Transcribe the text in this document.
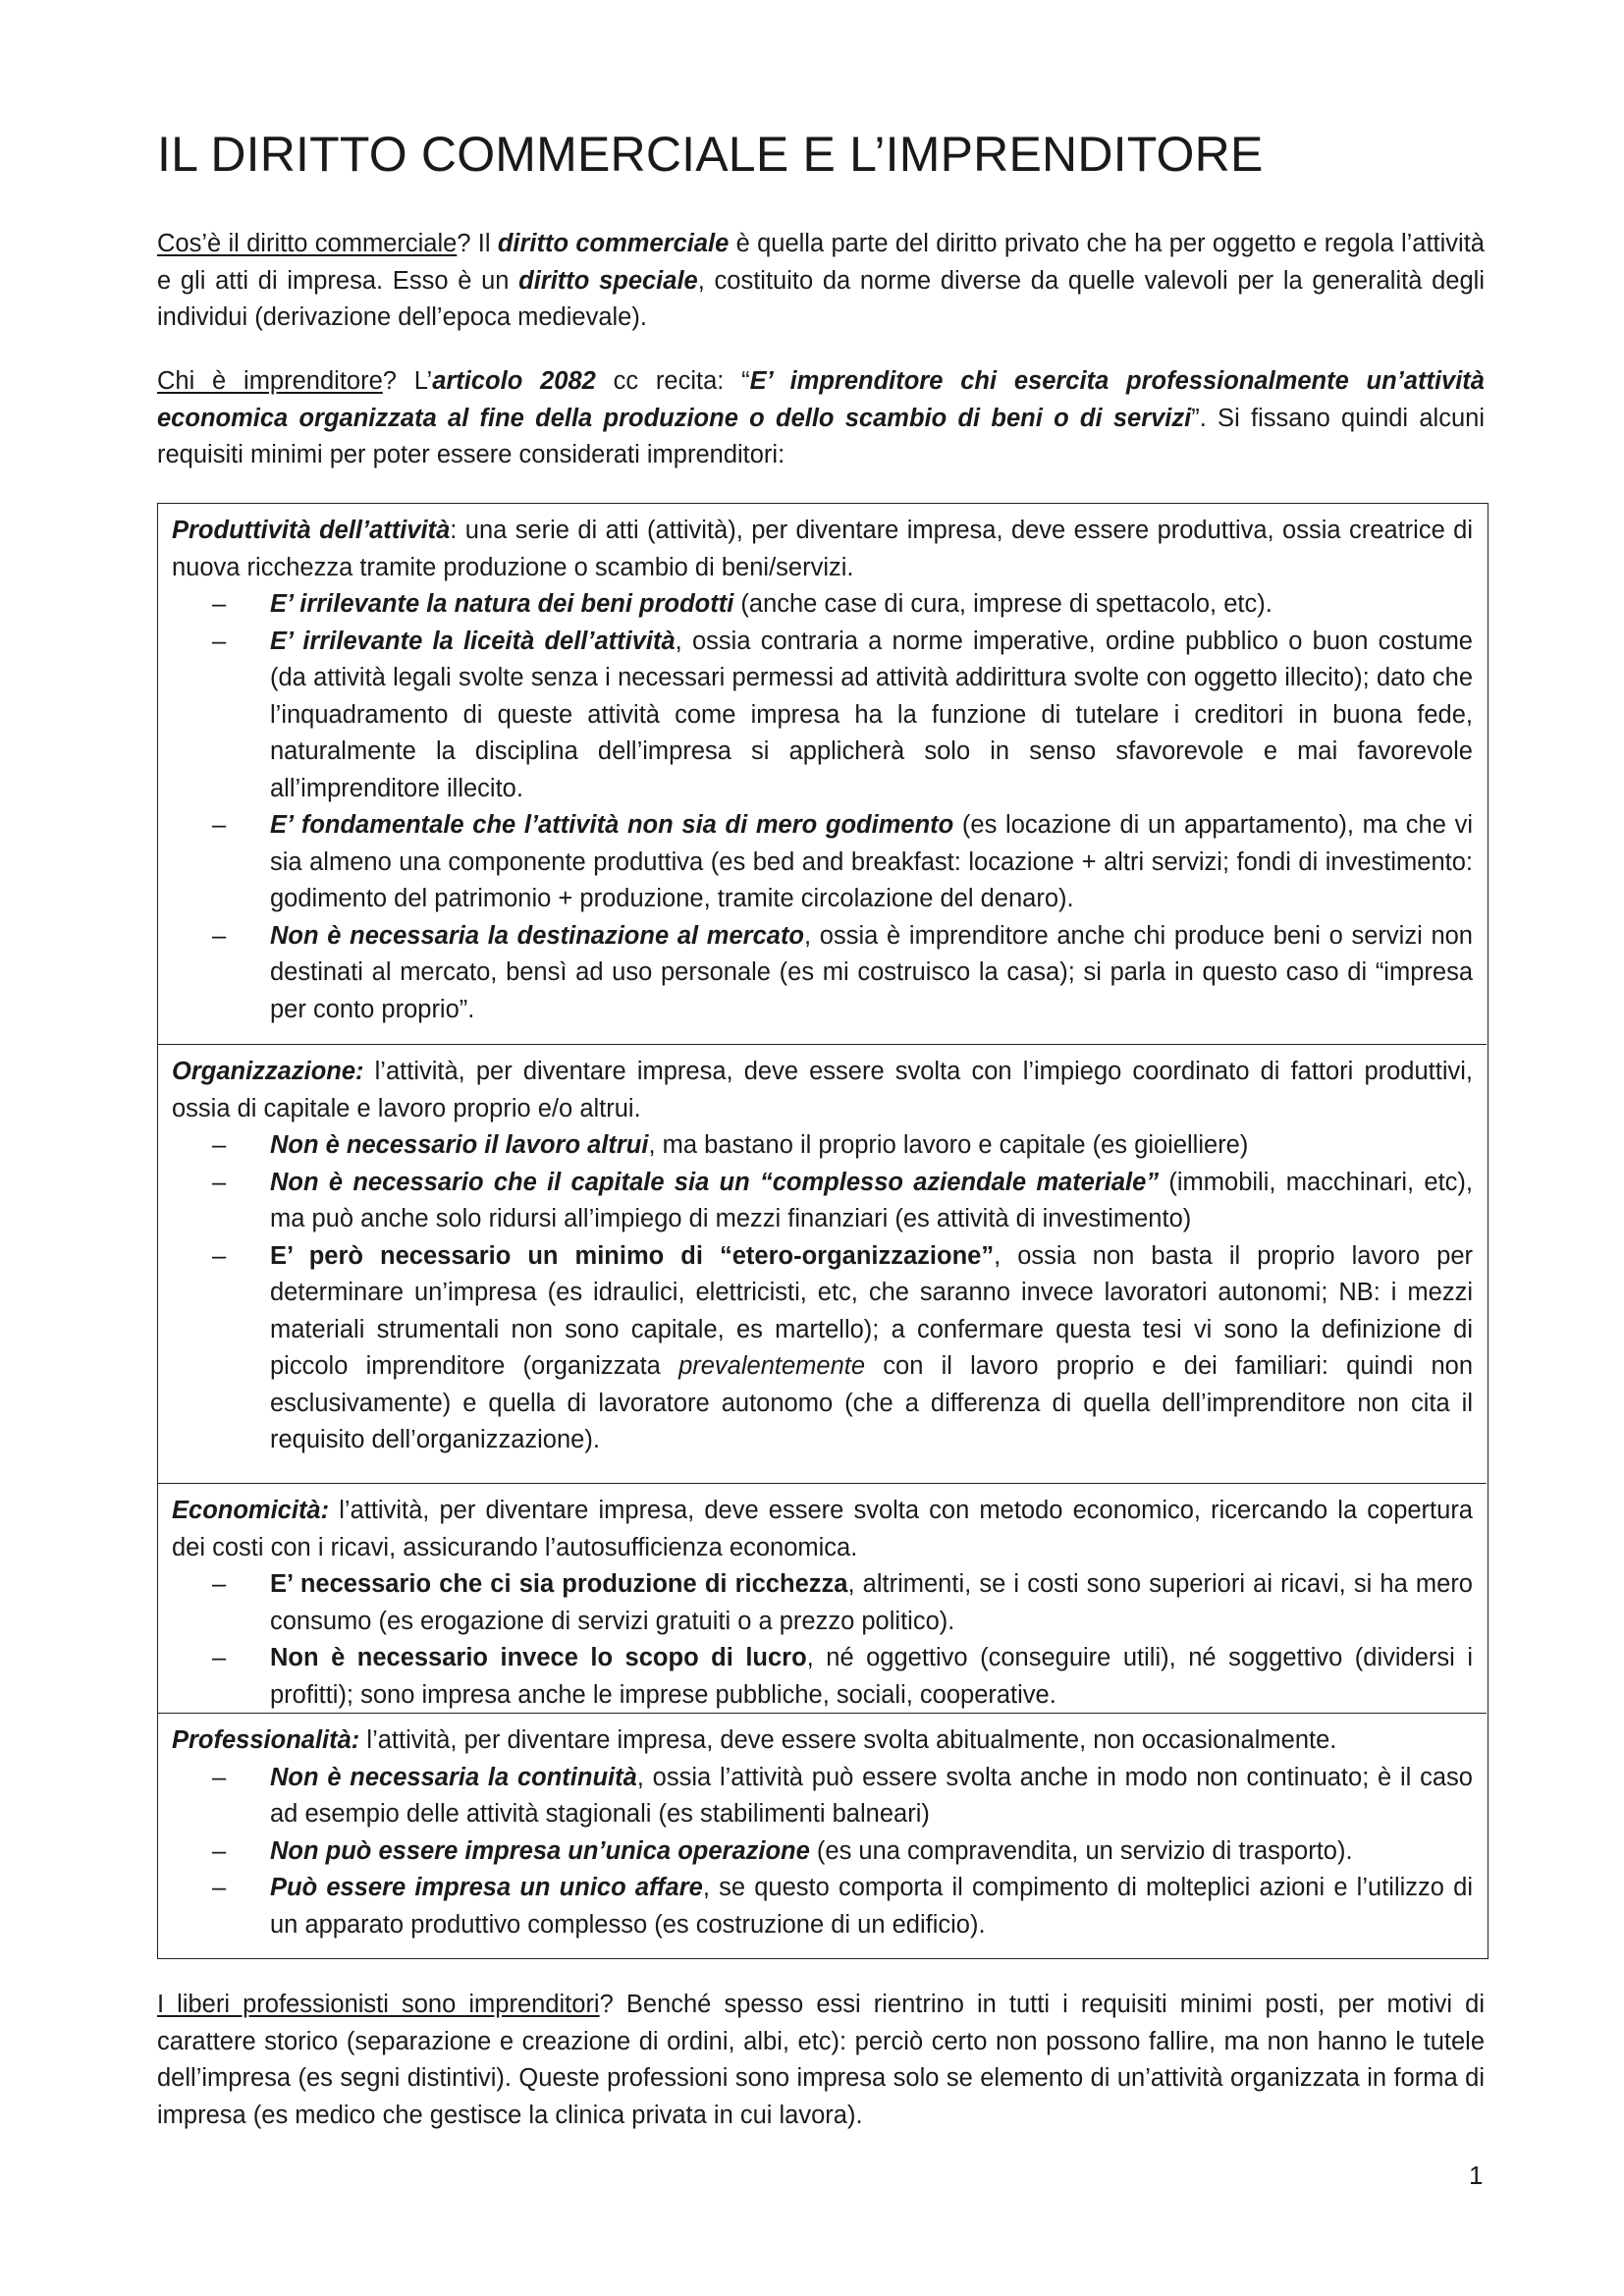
IL DIRITTO COMMERCIALE E L’IMPRENDITORE

Cos’è il diritto commerciale? Il diritto commerciale è quella parte del diritto privato che ha per oggetto e regola l’attività e gli atti di impresa. Esso è un diritto speciale, costituito da norme diverse da quelle valevoli per la generalità degli individui (derivazione dell’epoca medievale).

Chi è imprenditore? L’articolo 2082 cc recita: “E’ imprenditore chi esercita professionalmente un’attività economica organizzata al fine della produzione o dello scambio di beni o di servizi”. Si fissano quindi alcuni requisiti minimi per poter essere considerati imprenditori:

Produttività dell’attività: una serie di atti (attività), per diventare impresa, deve essere produttiva, ossia creatrice di nuova ricchezza tramite produzione o scambio di beni/servizi.

– E’ irrilevante la natura dei beni prodotti (anche case di cura, imprese di spettacolo, etc).
– E’ irrilevante la liceità dell’attività, ossia contraria a norme imperative, ordine pubblico o buon costume (da attività legali svolte senza i necessari permessi ad attività addirittura svolte con oggetto illecito); dato che l’inquadramento di queste attività come impresa ha la funzione di tutelare i creditori in buona fede, naturalmente la disciplina dell’impresa si applicherà solo in senso sfavorevole e mai favorevole all’imprenditore illecito.
– E’ fondamentale che l’attività non sia di mero godimento (es locazione di un appartamento), ma che vi sia almeno una componente produttiva (es bed and breakfast: locazione + altri servizi; fondi di investimento: godimento del patrimonio + produzione, tramite circolazione del denaro).
– Non è necessaria la destinazione al mercato, ossia è imprenditore anche chi produce beni o servizi non destinati al mercato, bensì ad uso personale (es mi costruisco la casa); si parla in questo caso di “impresa per conto proprio”.

Organizzazione: l’attività, per diventare impresa, deve essere svolta con l’impiego coordinato di fattori produttivi, ossia di capitale e lavoro proprio e/o altrui.

– Non è necessario il lavoro altrui, ma bastano il proprio lavoro e capitale (es gioielliere)
– Non è necessario che il capitale sia un “complesso aziendale materiale” (immobili, macchinari, etc), ma può anche solo ridursi all’impiego di mezzi finanziari (es attività di investimento)
– E’ però necessario un minimo di “etero-organizzazione”, ossia non basta il proprio lavoro per determinare un’impresa (es idraulici, elettricisti, etc, che saranno invece lavoratori autonomi; NB: i mezzi materiali strumentali non sono capitale, es martello); a confermare questa tesi vi sono la definizione di piccolo imprenditore (organizzata prevalentemente con il lavoro proprio e dei familiari: quindi non esclusivamente) e quella di lavoratore autonomo (che a differenza di quella dell’imprenditore non cita il requisito dell’organizzazione).

Economicità: l’attività, per diventare impresa, deve essere svolta con metodo economico, ricercando la copertura dei costi con i ricavi, assicurando l’autosufficienza economica.

– E’ necessario che ci sia produzione di ricchezza, altrimenti, se i costi sono superiori ai ricavi, si ha mero consumo (es erogazione di servizi gratuiti o a prezzo politico).
– Non è necessario invece lo scopo di lucro, né oggettivo (conseguire utili), né soggettivo (dividersi i profitti); sono impresa anche le imprese pubbliche, sociali, cooperative.

Professionalità: l’attività, per diventare impresa, deve essere svolta abitualmente, non occasionalmente.

– Non è necessaria la continuità, ossia l’attività può essere svolta anche in modo non continuato; è il caso ad esempio delle attività stagionali (es stabilimenti balneari)
– Non può essere impresa un’unica operazione (es una compravendita, un servizio di trasporto).
– Può essere impresa un unico affare, se questo comporta il compimento di molteplici azioni e l’utilizzo di un apparato produttivo complesso (es costruzione di un edificio).

I liberi professionisti sono imprenditori? Benché spesso essi rientrino in tutti i requisiti minimi posti, per motivi di carattere storico (separazione e creazione di ordini, albi, etc): perciò certo non possono fallire, ma non hanno le tutele dell’impresa (es segni distintivi). Queste professioni sono impresa solo se elemento di un’attività organizzata in forma di impresa (es medico che gestisce la clinica privata in cui lavora).

1
